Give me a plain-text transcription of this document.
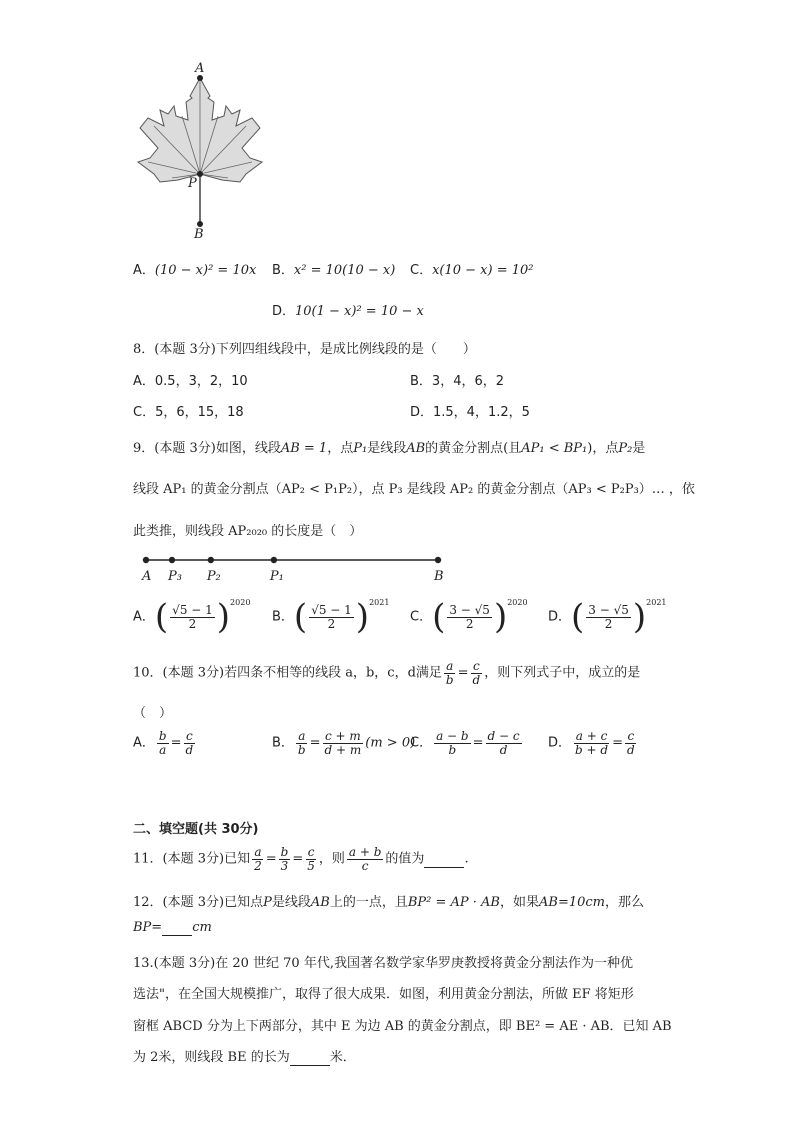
A
P
B
A．(10 − x)² = 10x B．x² = 10(10 − x) C．x(10 − x) = 10²
D．10(1 − x)² = 10 − x
8．(本题 3分)下列四组线段中，是成比例线段的是（　　）
A．0.5，3，2，10	B．3，4，6，2
C．5，6，15，18	D．1.5，4，1.2，5
9．(本题 3分)如图，线段AB = 1，点P₁是线段AB的黄金分割点(且AP₁ < BP₁)，点P₂是
线段 AP₁ 的黄金分割点（AP₂ < P₁P₂），点 P₃ 是线段 AP₂ 的黄金分割点（AP₃ < P₂P₃）… ，依
此类推，则线段 AP₂₀₂₀ 的长度是（　）
A P₃ P₂	P₁	B
A．( $\frac{√5 - 1}{2} )^{2020}$
B．( $\frac{√5 - 1}{2} )^{2021}$
C．( $\frac{3 - √5}{2} )^{2020}$
D．( $\frac{3 - √5}{2} )^{2021}$
10．(本题 3分)若四条不相等的线段 a，b，c，d满足 $\frac{a}{b} = \frac{c}{d}$ ，则下列式子中，成立的是
（　）
A． $\frac{b}{a} = \frac{c}{d}$	B． $\frac{a}{b} = \frac{c + m}{d + m} (m > 0)$
C． $\frac{a - b}{b} = \frac{d - c}{d}$ D． $\frac{a + c}{b + d} = \frac{c}{d}$
二、填空题(共 30分)
11．(本题 3分)已知 $\frac{a}{2} = \frac{b}{3} = \frac{c}{5}$ ，则 $\frac{a + b}{c}$ 的值为	.
12．(本题 3分)已知点P是线段AB上的一点，且BP² = AP · AB，如果AB=10cm，那么
BP= cm
13.(本题 3分)在 20 世纪 70 年代,我国著名数学家华罗庚教授将黄金分割法作为一种优
选法"，在全国大规模推广，取得了很大成果．如图，利用黄金分割法，所做 EF 将矩形
窗框 ABCD 分为上下两部分，其中 E 为边 AB 的黄金分割点，即 BE² = AE · AB．已知 AB
为 2米，则线段 BE 的长为	米．
